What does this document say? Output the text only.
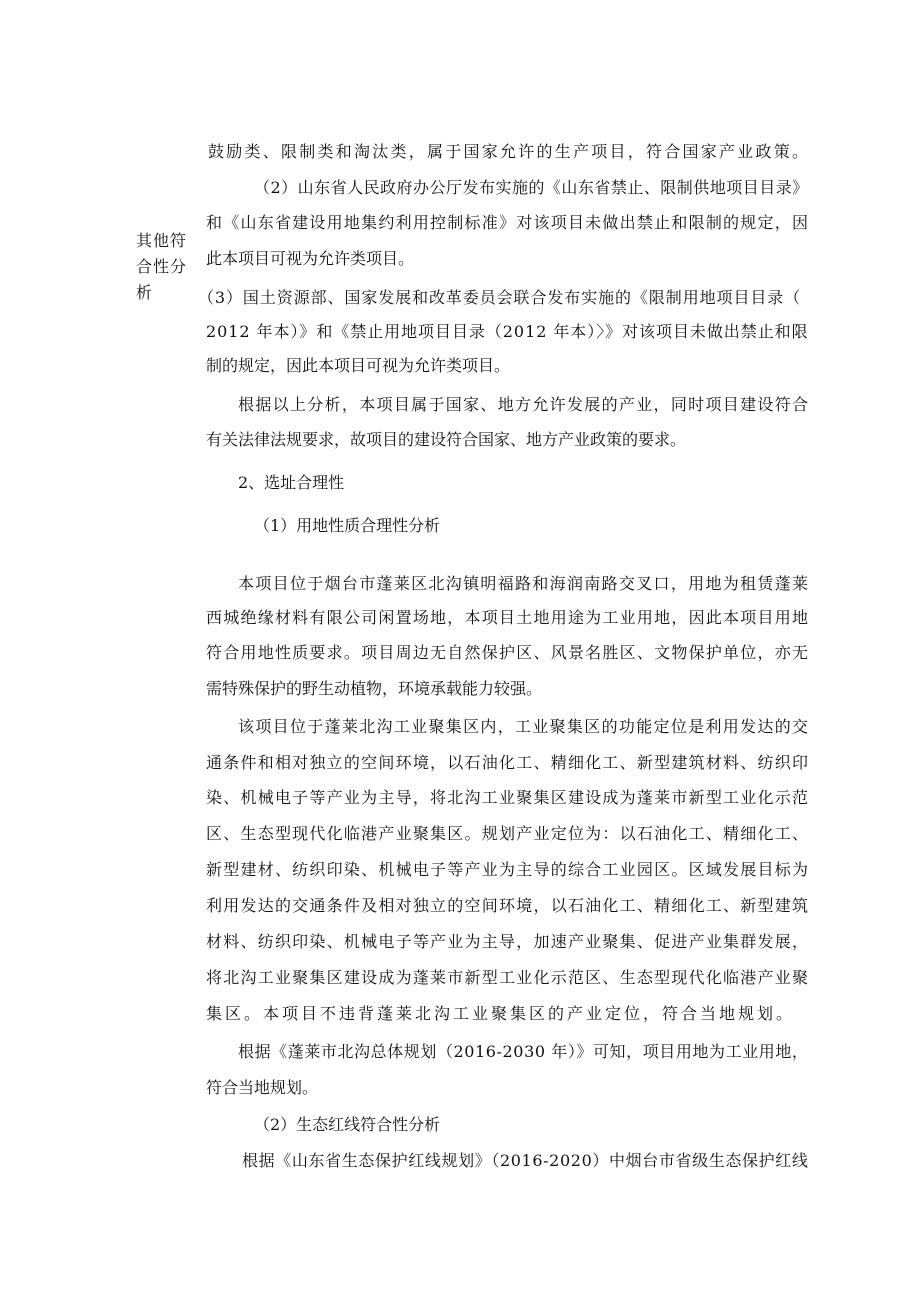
其他符
合性分
析
鼓励类、限制类和淘汰类，属于国家允许的生产项目，符合国家产业政策。
（2）山东省人民政府办公厅发布实施的《山东省禁止、限制供地项目目录》
和《山东省建设用地集约利用控制标准》对该项目未做出禁止和限制的规定，因
此本项目可视为允许类项目。
（3）国土资源部、国家发展和改革委员会联合发布实施的《限制用地项目目录（
2012 年本）》和《禁止用地项目目录（2012 年本）〉》对该项目未做出禁止和限
制的规定，因此本项目可视为允许类项目。
根据以上分析，本项目属于国家、地方允许发展的产业，同时项目建设符合
有关法律法规要求，故项目的建设符合国家、地方产业政策的要求。
2、选址合理性
（1）用地性质合理性分析
本项目位于烟台市蓬莱区北沟镇明福路和海润南路交叉口，用地为租赁蓬莱
西城绝缘材料有限公司闲置场地，本项目土地用途为工业用地，因此本项目用地
符合用地性质要求。项目周边无自然保护区、风景名胜区、文物保护单位，亦无
需特殊保护的野生动植物，环境承载能力较强。
该项目位于蓬莱北沟工业聚集区内，工业聚集区的功能定位是利用发达的交
通条件和相对独立的空间环境，以石油化工、精细化工、新型建筑材料、纺织印
染、机械电子等产业为主导，将北沟工业聚集区建设成为蓬莱市新型工业化示范
区、生态型现代化临港产业聚集区。规划产业定位为：以石油化工、精细化工、
新型建材、纺织印染、机械电子等产业为主导的综合工业园区。区域发展目标为
利用发达的交通条件及相对独立的空间环境，以石油化工、精细化工、新型建筑
材料、纺织印染、机械电子等产业为主导，加速产业聚集、促进产业集群发展，
将北沟工业聚集区建设成为蓬莱市新型工业化示范区、生态型现代化临港产业聚
集区。本项目不违背蓬莱北沟工业聚集区的产业定位，符合当地规划。
根据《蓬莱市北沟总体规划（2016-2030 年）》可知，项目用地为工业用地，
符合当地规划。
（2）生态红线符合性分析
根据《山东省生态保护红线规划》（2016-2020）中烟台市省级生态保护红线
